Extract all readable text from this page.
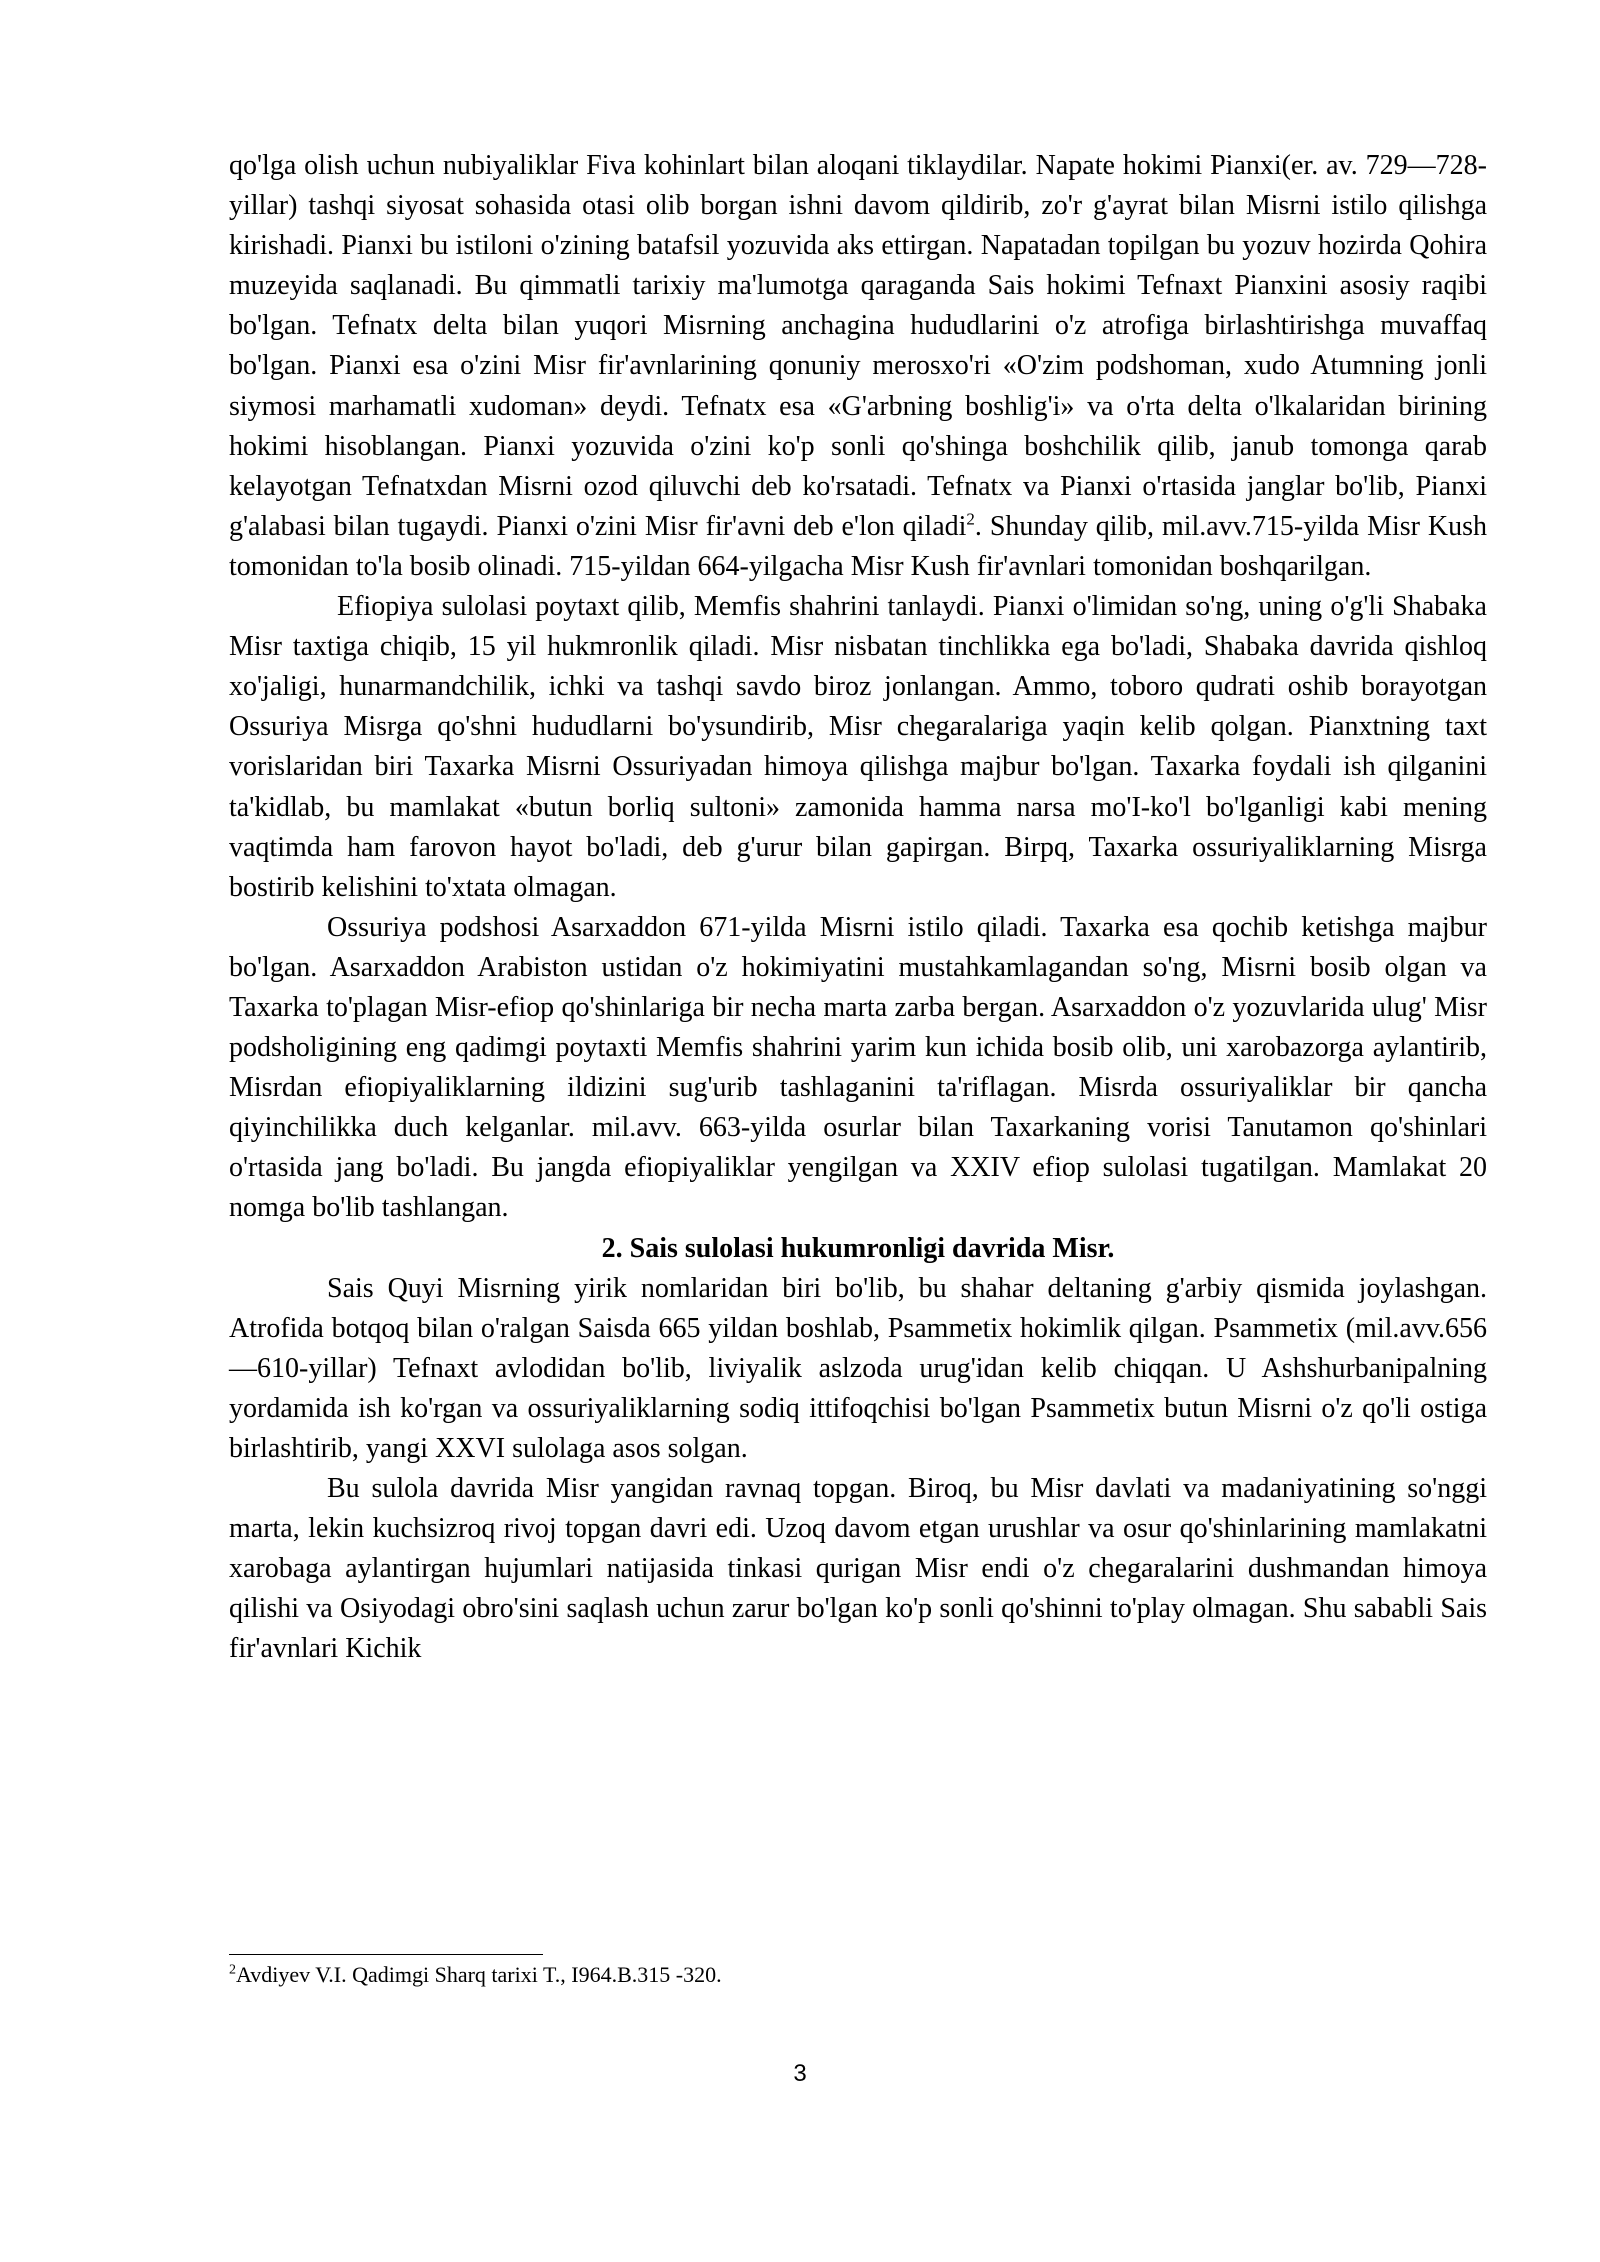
qo'lga olish uchun nubiyaliklar Fiva kohinlart bilan aloqani tiklaydilar. Napate hokimi Pianxi(er. av. 729—728-yillar) tashqi siyosat sohasida otasi olib borgan ishni davom qildirib, zo'r g'ayrat bilan Misrni istilo qilishga kirishadi. Pianxi bu istiloni o'zining batafsil yozuvida aks ettirgan. Napatadan topilgan bu yozuv hozirda Qohira muzeyida saqlanadi. Bu qimmatli tarixiy ma'lumotga qaraganda Sais hokimi Tefnaxt Pianxini asosiy raqibi bo'lgan. Tefnatx delta bilan yuqori Misrning anchagina hududlarini o'z atrofiga birlashtirishga muvaffaq bo'lgan. Pianxi esa o'zini Misr fir'avnlarining qonuniy merosxo'ri «O'zim podshoman, xudo Atumning jonli siymosi marhamatli xudoman» deydi. Tefnatx esa «G'arbning boshlig'i» va o'rta delta o'lkalaridan birining hokimi hisoblangan. Pianxi yozuvida o'zini ko'p sonli qo'shinga boshchilik qilib, janub tomonga qarab kelayotgan Tefnatxdan Misrni ozod qiluvchi deb ko'rsatadi. Tefnatx va Pianxi o'rtasida janglar bo'lib, Pianxi g'alabasi bilan tugaydi. Pianxi o'zini Misr fir'avni deb e'lon qiladi$^2$. Shunday qilib, mil.avv.715-yilda Misr Kush tomonidan to'la bosib olinadi. 715-yildan 664-yilgacha Misr Kush fir'avnlari tomonidan boshqarilgan.

Efiopiya sulolasi poytaxt qilib, Memfis shahrini tanlaydi. Pianxi o'limidan so'ng, uning o'g'li Shabaka Misr taxtiga chiqib, 15 yil hukmronlik qiladi. Misr nisbatan tinchlikka ega bo'ladi, Shabaka davrida qishloq xo'jaligi, hunarmandchilik, ichki va tashqi savdo biroz jonlangan. Ammo, toboro qudrati oshib borayotgan Ossuriya Misrga qo'shni hududlarni bo'ysundirib, Misr chegaralariga yaqin kelib qolgan. Pianxtning taxt vorislaridan biri Taxarka Misrni Ossuriyadan himoya qilishga majbur bo'lgan. Taxarka foydali ish qilganini ta'kidlab, bu mamlakat «butun borliq sultoni» zamonida hamma narsa mo'I-ko'l bo'lganligi kabi mening vaqtimda ham farovon hayot bo'ladi, deb g'urur bilan gapirgan. Birpq, Taxarka ossuriyaliklarning Misrga bostirib kelishini to'xtata olmagan.

Ossuriya podshosi Asarxaddon 671-yilda Misrni istilo qiladi. Taxarka esa qochib ketishga majbur bo'lgan. Asarxaddon Arabiston ustidan o'z hokimiyatini mustahkamlagandan so'ng, Misrni bosib olgan va Taxarka to'plagan Misr-efiop qo'shinlariga bir necha marta zarba bergan. Asarxaddon o'z yozuvlarida ulug' Misr podsholigining eng qadimgi poytaxti Memfis shahrini yarim kun ichida bosib olib, uni xarobazorga aylantirib, Misrdan efiopiyaliklarning ildizini sug'urib tashlaganini ta'riflagan. Misrda ossuriyaliklar bir qancha qiyinchilikka duch kelganlar. mil.avv. 663-yilda osurlar bilan Taxarkaning vorisi Tanutamon qo'shinlari o'rtasida jang bo'ladi. Bu jangda efiopiyaliklar yengilgan va XXIV efiop sulolasi tugatilgan. Mamlakat 20 nomga bo'lib tashlangan.

2. Sais sulolasi hukumronligi davrida Misr.

Sais Quyi Misrning yirik nomlaridan biri bo'lib, bu shahar deltaning g'arbiy qismida joylashgan. Atrofida botqoq bilan o'ralgan Saisda 665 yildan boshlab, Psammetix hokimlik qilgan. Psammetix (mil.avv.656—610-yillar) Tefnaxt avlodidan bo'lib, liviyalik aslzoda urug'idan kelib chiqqan. U Ashshurbanipalning yordamida ish ko'rgan va ossuriyaliklarning sodiq ittifoqchisi bo'lgan Psammetix butun Misrni o'z qo'li ostiga birlashtirib, yangi XXVI sulolaga asos solgan.

Bu sulola davrida Misr yangidan ravnaq topgan. Biroq, bu Misr davlati va madaniyatining so'nggi marta, lekin kuchsizroq rivoj topgan davri edi. Uzoq davom etgan urushlar va osur qo'shinlarining mamlakatni xarobaga aylantirgan hujumlari natijasida tinkasi qurigan Misr endi o'z chegaralarini dushmandan himoya qilishi va Osiyodagi obro'sini saqlash uchun zarur bo'lgan ko'p sonli qo'shinni to'play olmagan. Shu sababli Sais fir'avnlari Kichik

$^2$Avdiyev V.I. Qadimgi Sharq tarixi T., I964.B.315 -320.
3
